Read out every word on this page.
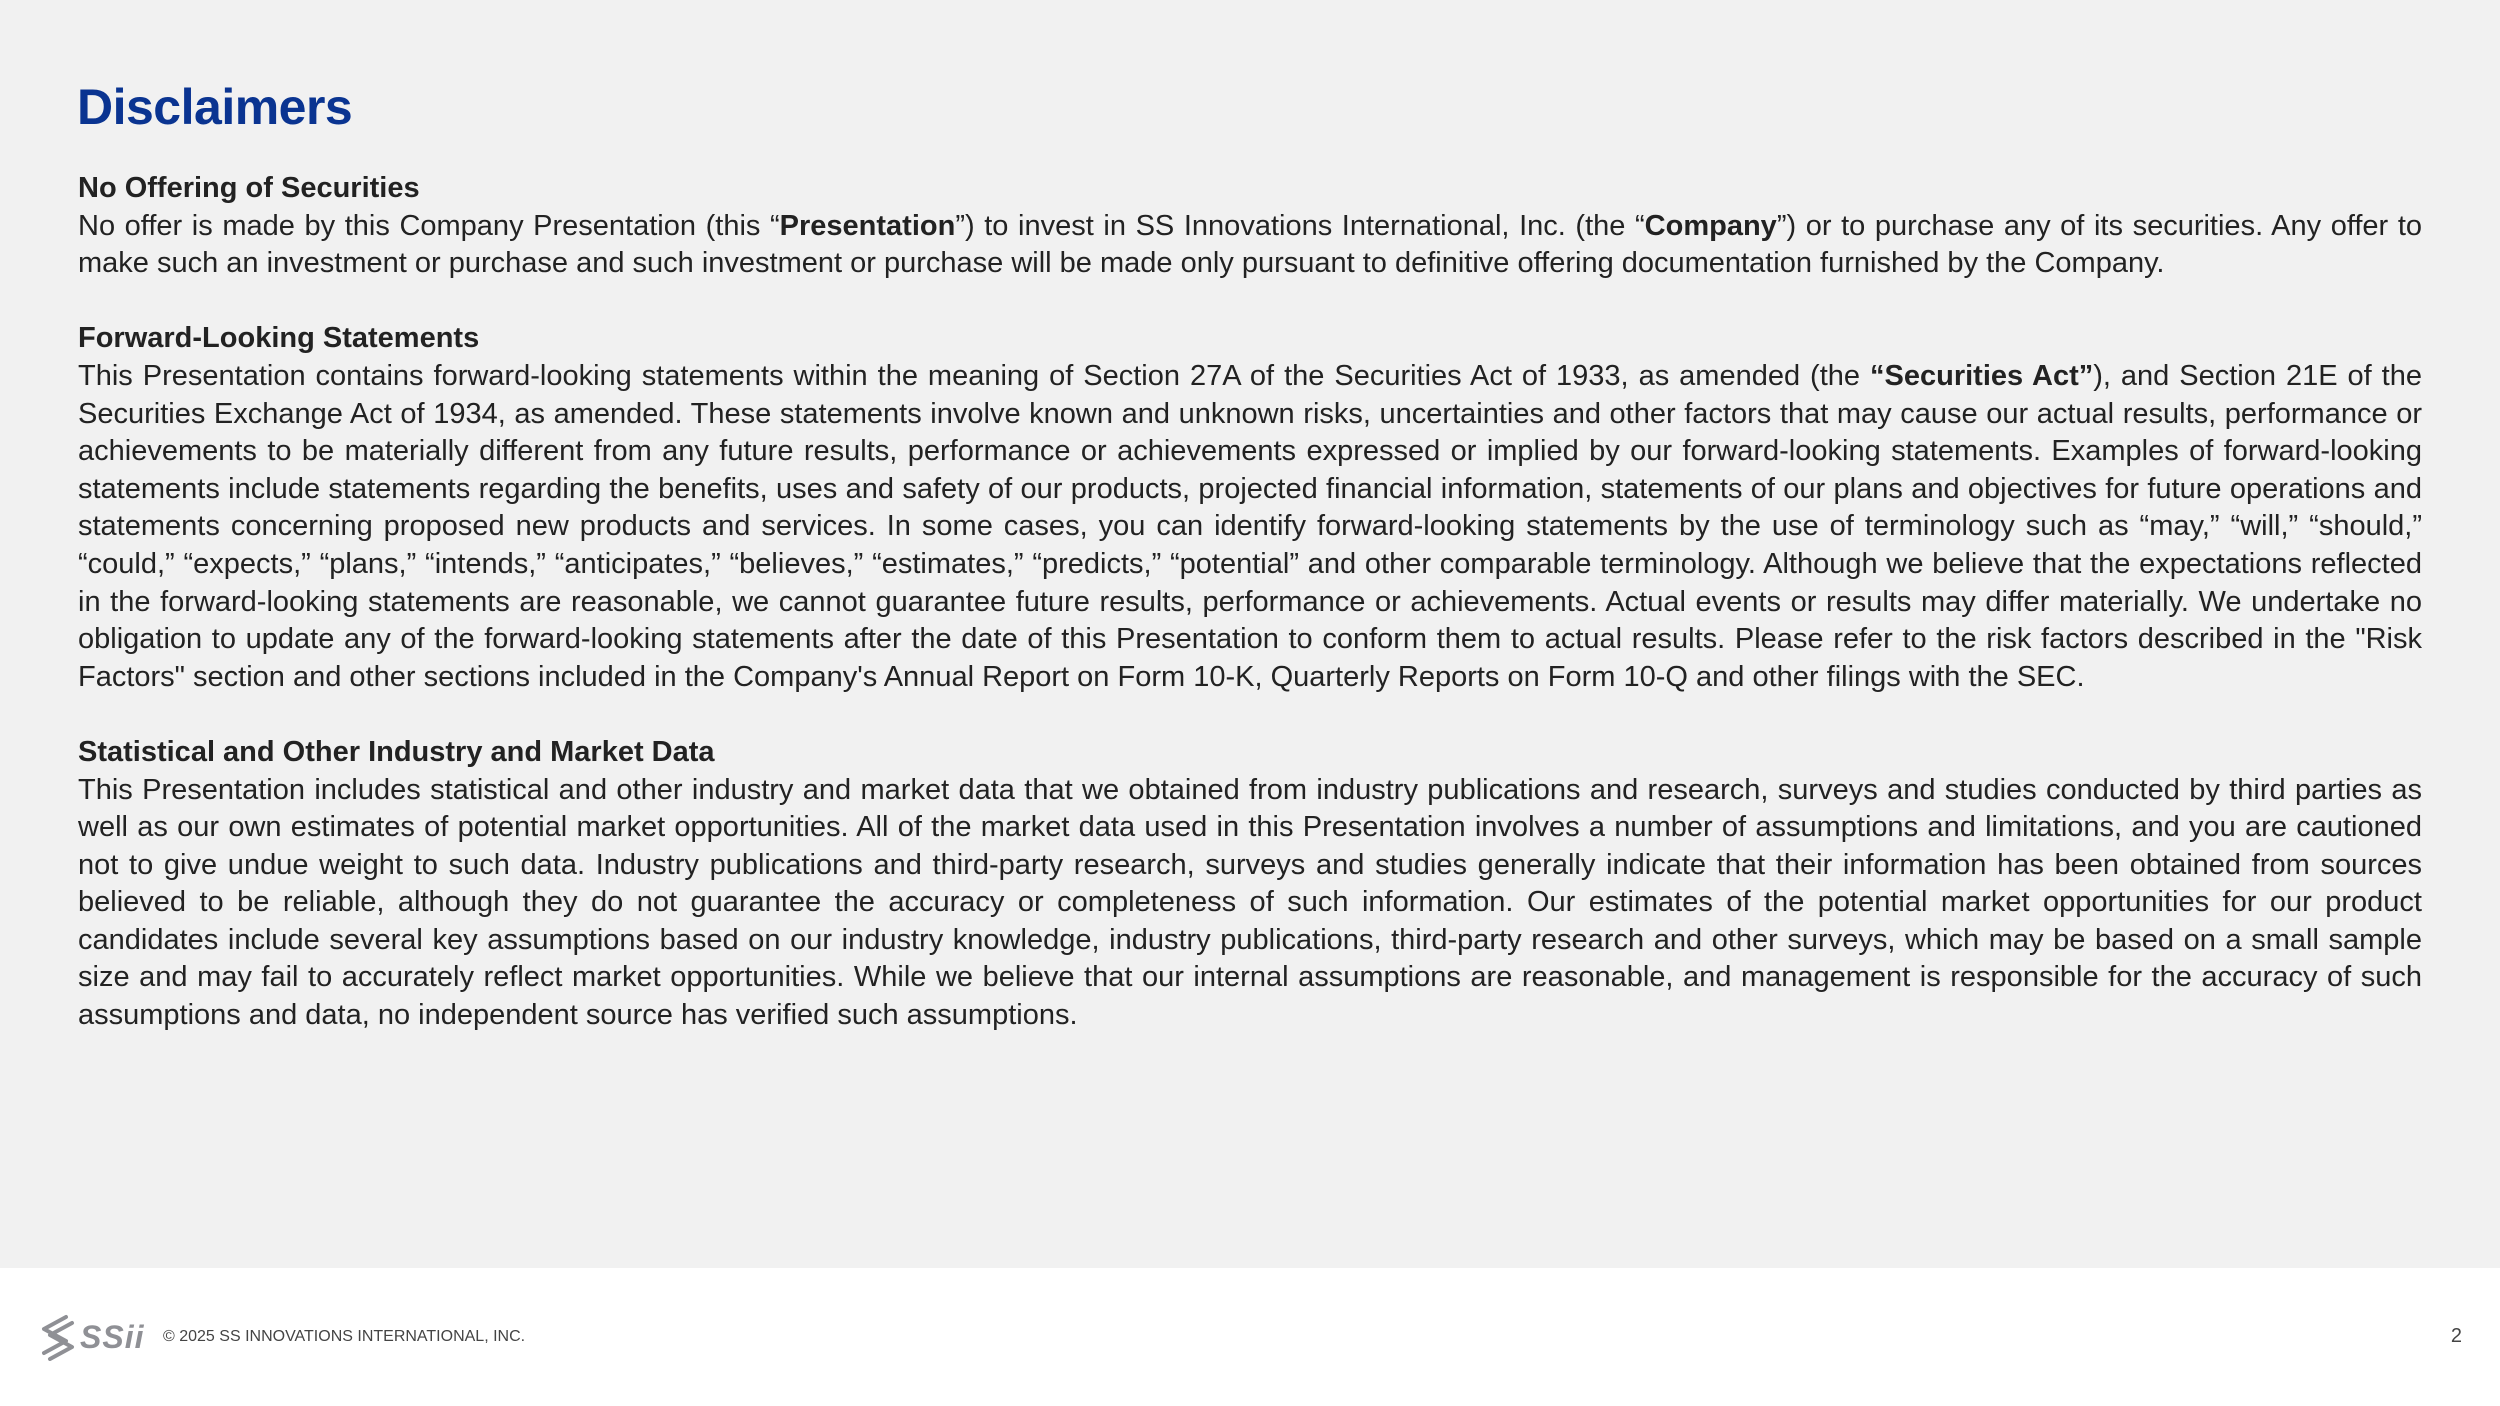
Disclaimers

No Offering of Securities

No offer is made by this Company Presentation (this “Presentation”) to invest in SS Innovations International, Inc. (the “Company”) or to purchase any of its securities. Any offer to make such an investment or purchase and such investment or purchase will be made only pursuant to definitive offering documentation furnished by the Company.

Forward-Looking Statements

This Presentation contains forward-looking statements within the meaning of Section 27A of the Securities Act of 1933, as amended (the “Securities Act”), and Section 21E of the Securities Exchange Act of 1934, as amended. These statements involve known and unknown risks, uncertainties and other factors that may cause our actual results, performance or achievements to be materially different from any future results, performance or achievements expressed or implied by our forward-looking statements. Examples of forward-looking statements include statements regarding the benefits, uses and safety of our products, projected financial information, statements of our plans and objectives for future operations and statements concerning proposed new products and services. In some cases, you can identify forward-looking statements by the use of terminology such as “may,” “will,” “should,” “could,” “expects,” “plans,” “intends,” “anticipates,” “believes,” “estimates,” “predicts,” “potential” and other comparable terminology. Although we believe that the expectations reflected in the forward-looking statements are reasonable, we cannot guarantee future results, performance or achievements. Actual events or results may differ materially. We undertake no obligation to update any of the forward-looking statements after the date of this Presentation to conform them to actual results. Please refer to the risk factors described in the "Risk Factors" section and other sections included in the Company's Annual Report on Form 10-K, Quarterly Reports on Form 10-Q and other filings with the SEC.

Statistical and Other Industry and Market Data

This Presentation includes statistical and other industry and market data that we obtained from industry publications and research, surveys and studies conducted by third parties as well as our own estimates of potential market opportunities. All of the market data used in this Presentation involves a number of assumptions and limitations, and you are cautioned not to give undue weight to such data. Industry publications and third-party research, surveys and studies generally indicate that their information has been obtained from sources believed to be reliable, although they do not guarantee the accuracy or completeness of such information. Our estimates of the potential market opportunities for our product candidates include several key assumptions based on our industry knowledge, industry publications, third-party research and other surveys, which may be based on a small sample size and may fail to accurately reflect market opportunities. While we believe that our internal assumptions are reasonable, and management is responsible for the accuracy of such assumptions and data, no independent source has verified such assumptions.

SSii © 2025 SS INNOVATIONS INTERNATIONAL, INC.	2
